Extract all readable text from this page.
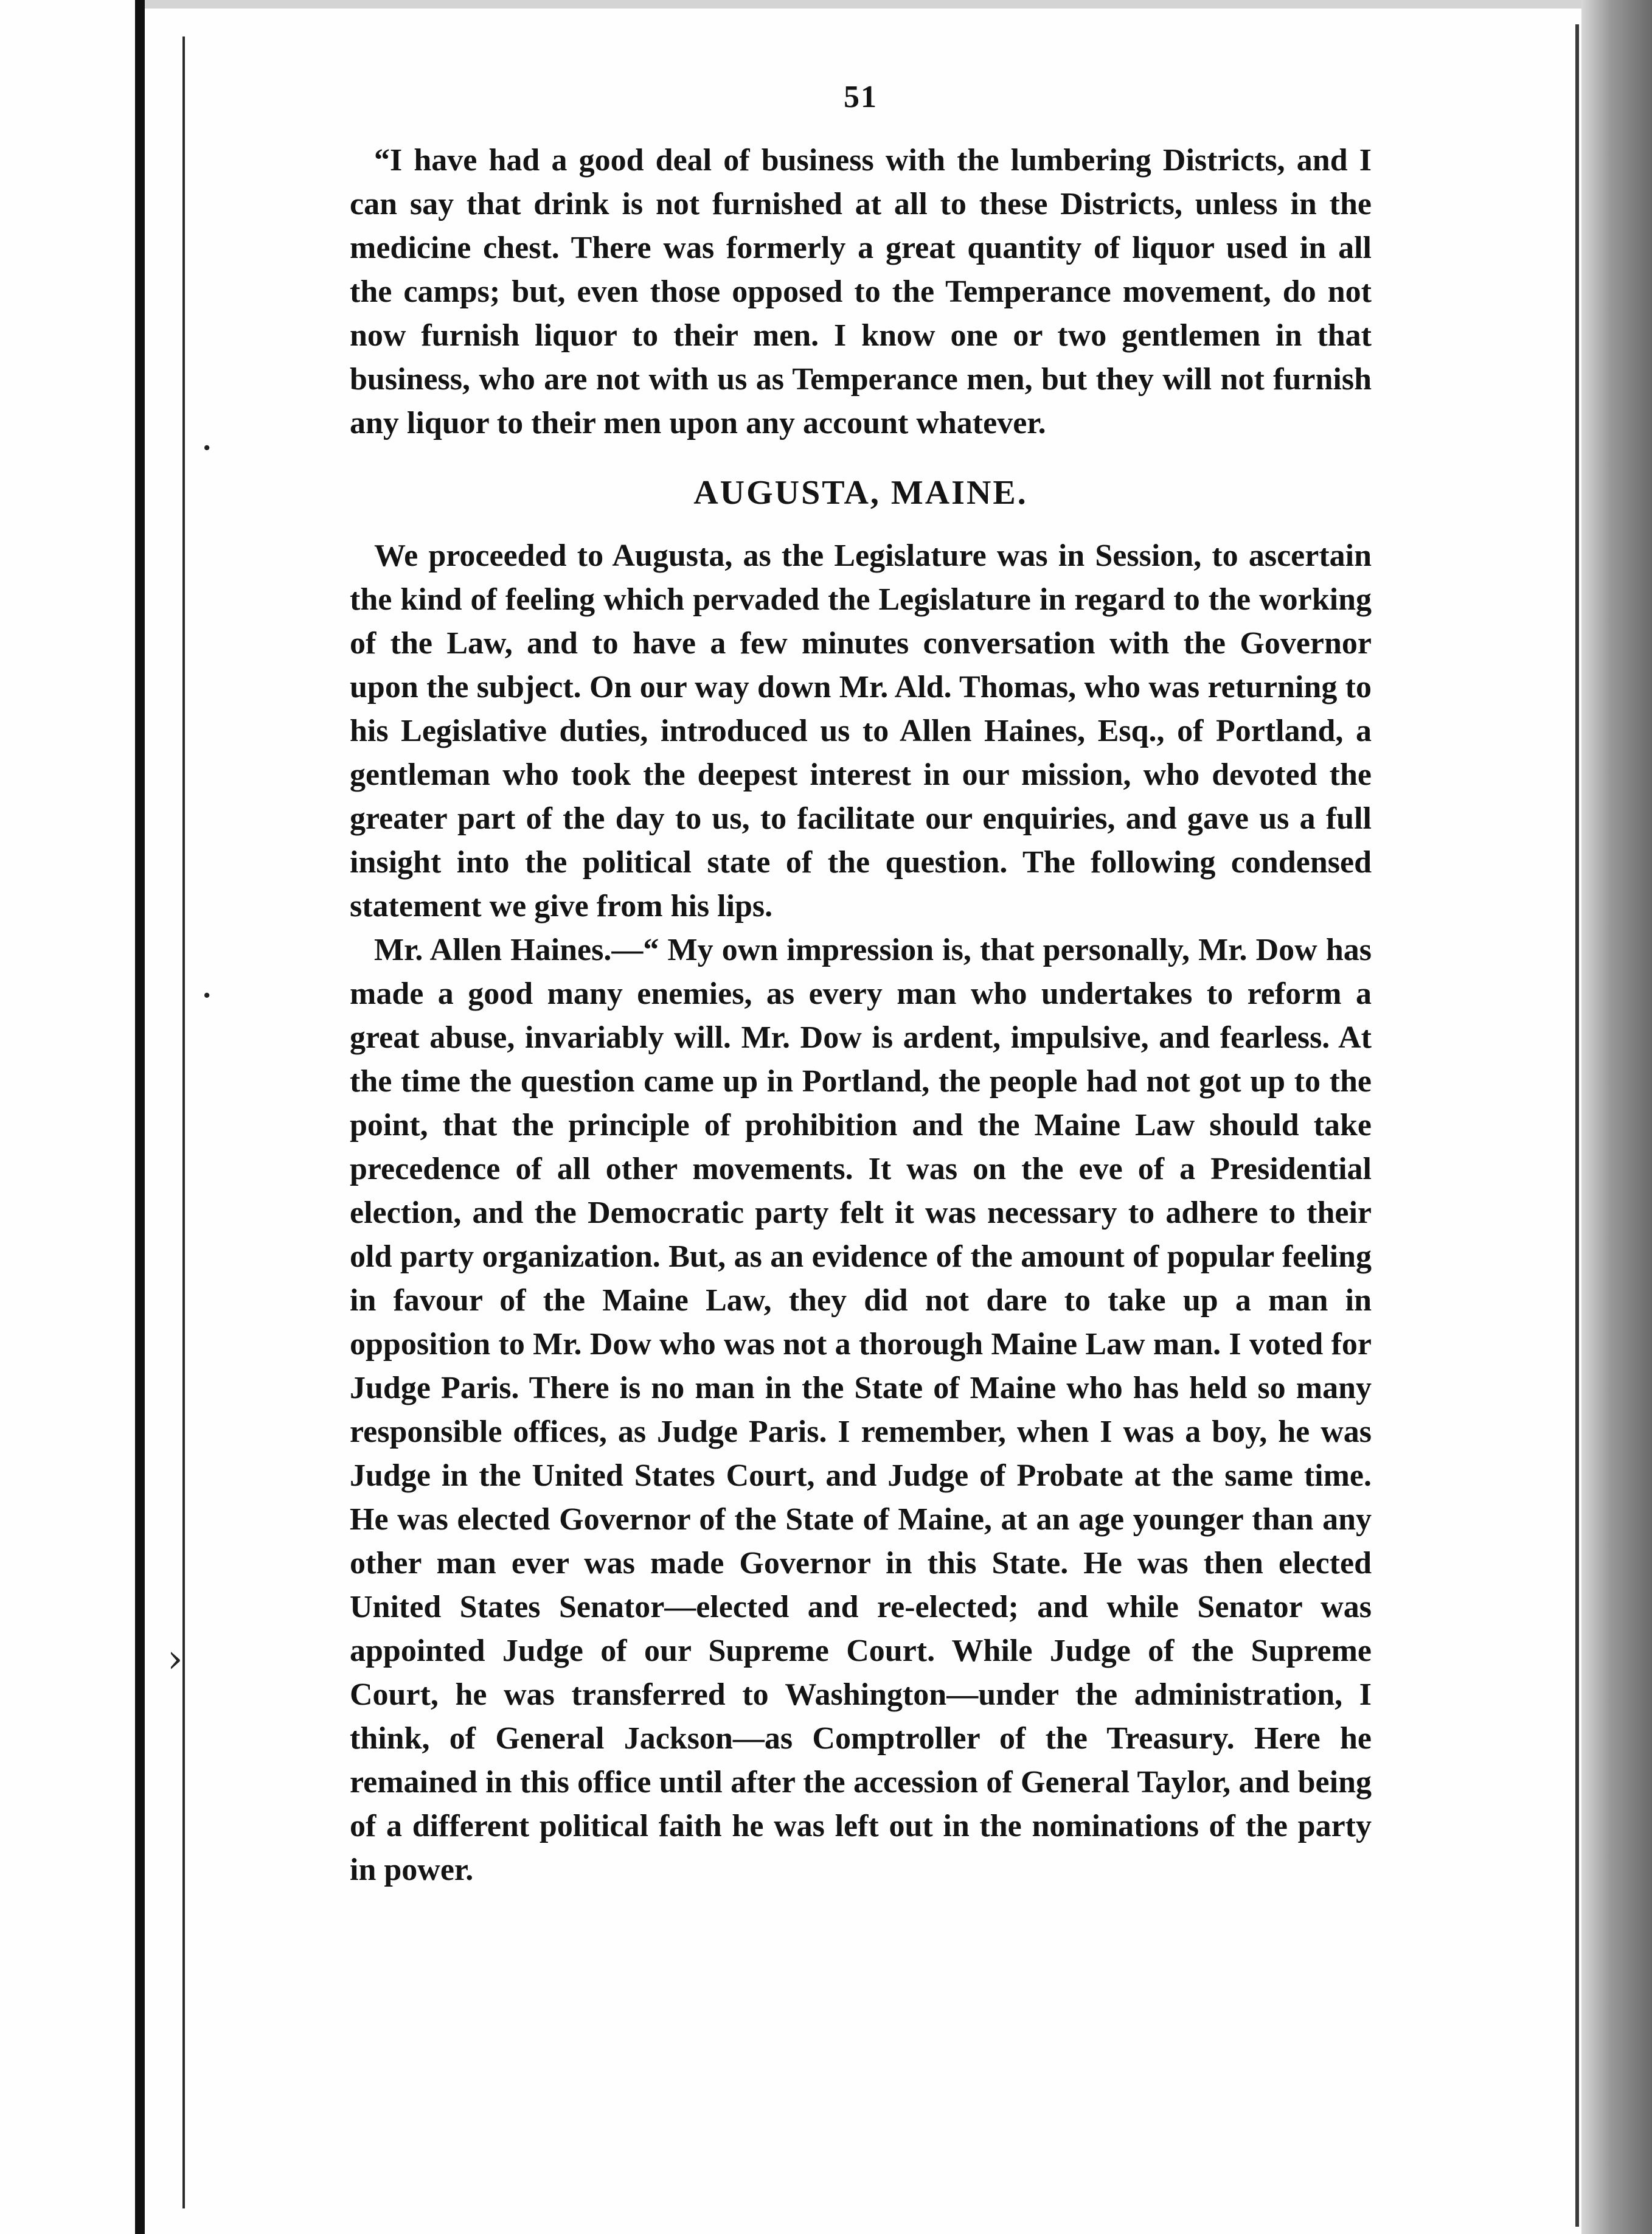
·
·
›
51

“I have had a good deal of business with the lumbering Districts, and I can say that drink is not furnished at all to these Districts, unless in the medicine chest. There was formerly a great quantity of liquor used in all the camps; but, even those opposed to the Temperance movement, do not now furnish liquor to their men. I know one or two gentlemen in that business, who are not with us as Temperance men, but they will not furnish any liquor to their men upon any account whatever.

AUGUSTA, MAINE.

We proceeded to Augusta, as the Legislature was in Session, to ascertain the kind of feeling which pervaded the Legislature in regard to the working of the Law, and to have a few minutes conversation with the Governor upon the subject. On our way down Mr. Ald. Thomas, who was returning to his Legislative duties, introduced us to Allen Haines, Esq., of Portland, a gentleman who took the deepest interest in our mission, who devoted the greater part of the day to us, to facilitate our enquiries, and gave us a full insight into the political state of the question. The following condensed statement we give from his lips.

Mr. Allen Haines.—“ My own impression is, that personally, Mr. Dow has made a good many enemies, as every man who undertakes to reform a great abuse, invariably will. Mr. Dow is ardent, impulsive, and fearless. At the time the question came up in Portland, the people had not got up to the point, that the principle of prohibition and the Maine Law should take precedence of all other movements. It was on the eve of a Presidential election, and the Democratic party felt it was necessary to adhere to their old party organization. But, as an evidence of the amount of popular feeling in favour of the Maine Law, they did not dare to take up a man in opposition to Mr. Dow who was not a thorough Maine Law man. I voted for Judge Paris. There is no man in the State of Maine who has held so many responsible offices, as Judge Paris. I remember, when I was a boy, he was Judge in the United States Court, and Judge of Probate at the same time. He was elected Governor of the State of Maine, at an age younger than any other man ever was made Governor in this State. He was then elected United States Senator—elected and re-elected; and while Senator was appointed Judge of our Supreme Court. While Judge of the Supreme Court, he was transferred to Washington—under the administration, I think, of General Jackson—as Comptroller of the Treasury. Here he remained in this office until after the accession of General Taylor, and being of a different political faith he was left out in the nominations of the party in power.
